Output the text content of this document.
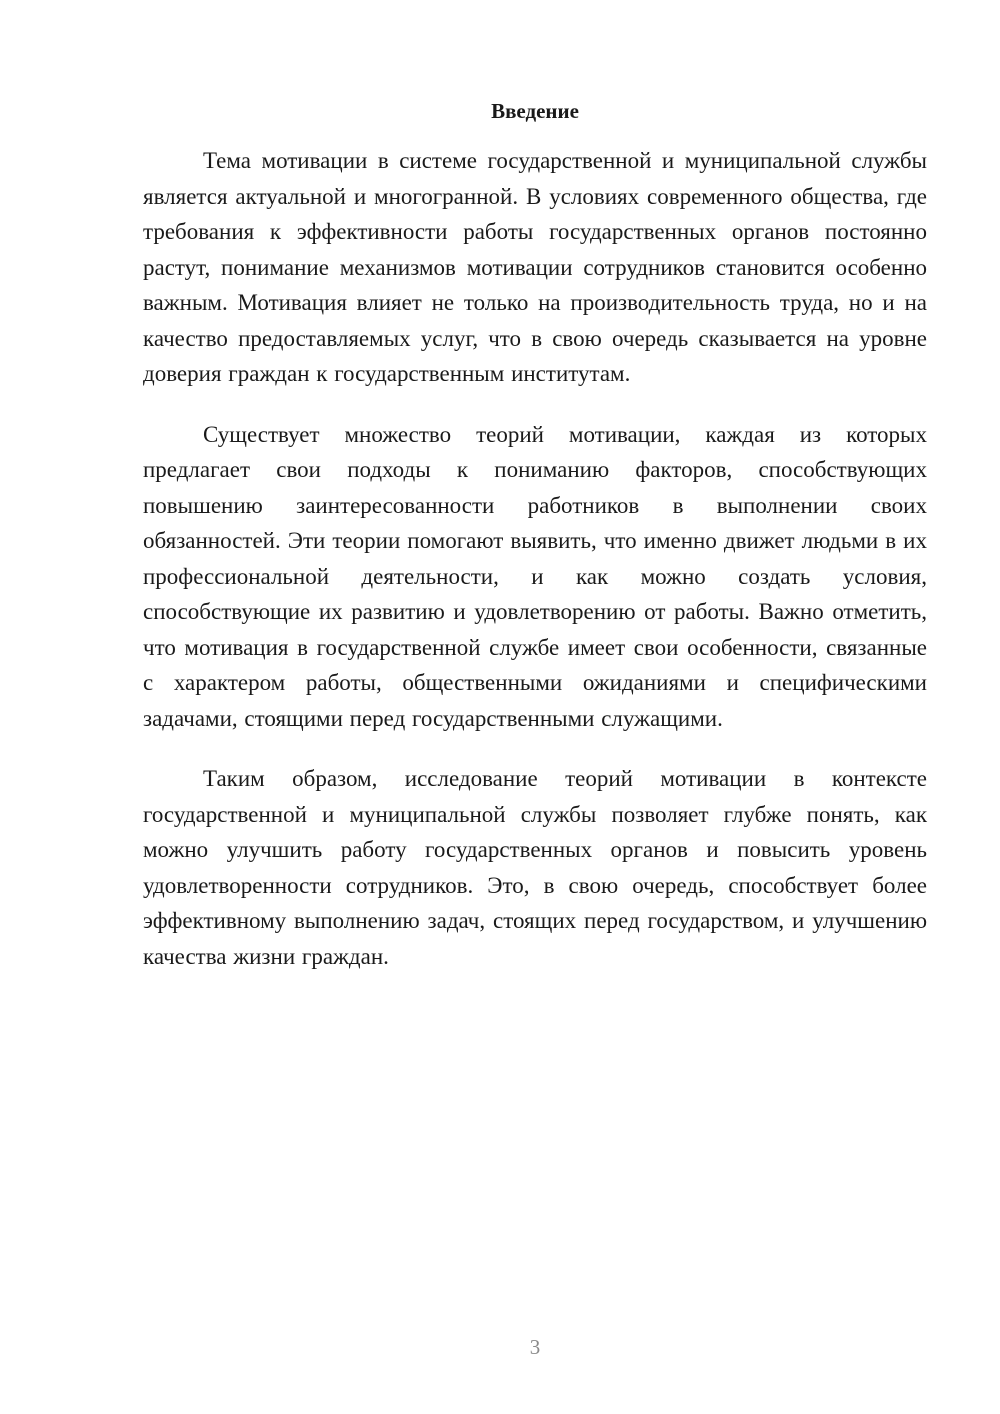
Введение

Тема мотивации в системе государственной и муниципальной службы является актуальной и многогранной. В условиях современного общества, где требования к эффективности работы государственных органов постоянно растут, понимание механизмов мотивации сотрудников становится особенно важным. Мотивация влияет не только на производительность труда, но и на качество предоставляемых услуг, что в свою очередь сказывается на уровне доверия граждан к государственным институтам.

Существует множество теорий мотивации, каждая из которых предлагает свои подходы к пониманию факторов, способствующих повышению заинтересованности работников в выполнении своих обязанностей. Эти теории помогают выявить, что именно движет людьми в их профессиональной деятельности, и как можно создать условия, способствующие их развитию и удовлетворению от работы. Важно отметить, что мотивация в государственной службе имеет свои особенности, связанные с характером работы, общественными ожиданиями и специфическими задачами, стоящими перед государственными служащими.

Таким образом, исследование теорий мотивации в контексте государственной и муниципальной службы позволяет глубже понять, как можно улучшить работу государственных органов и повысить уровень удовлетворенности сотрудников. Это, в свою очередь, способствует более эффективному выполнению задач, стоящих перед государством, и улучшению качества жизни граждан.

3
